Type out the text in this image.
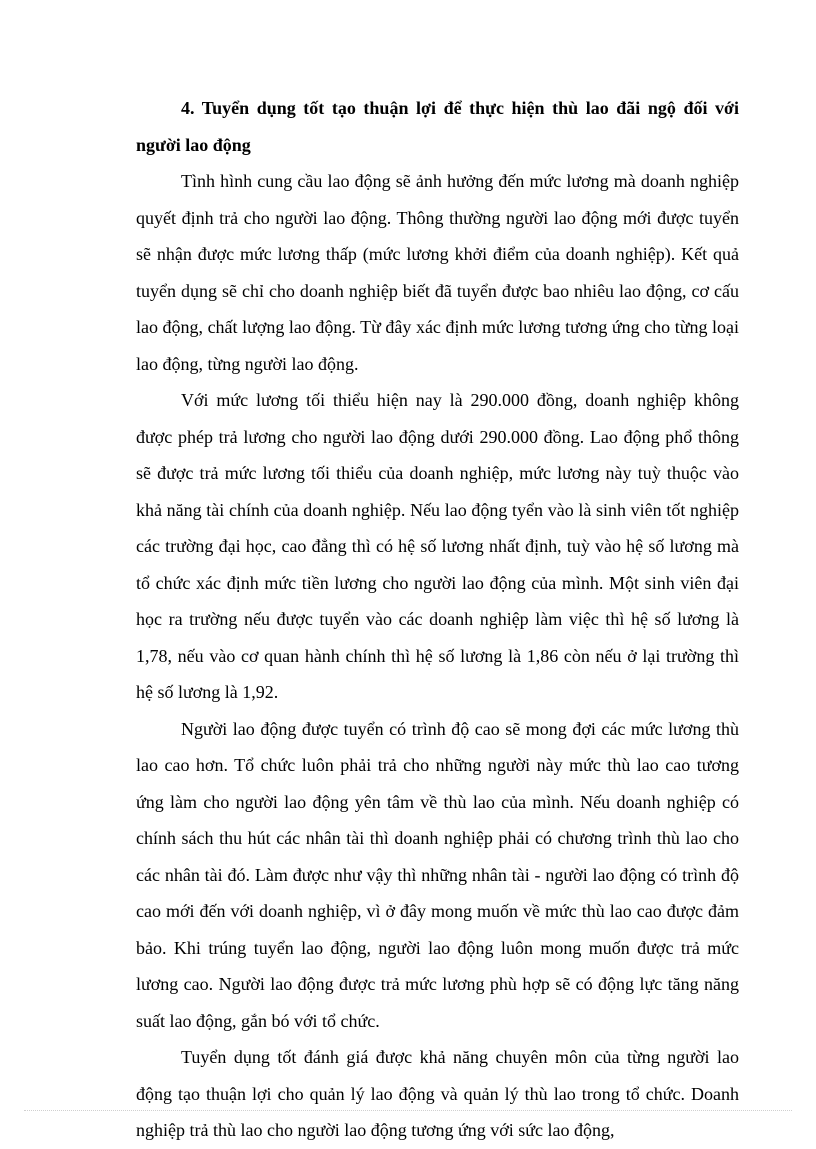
4. Tuyển dụng tốt tạo thuận lợi để thực hiện thù lao đãi ngộ đối với người lao động

Tình hình cung cầu lao động sẽ ảnh hưởng đến mức lương mà doanh nghiệp quyết định trả cho người lao động. Thông thường người lao động mới được tuyển sẽ nhận được mức lương thấp (mức lương khởi điểm của doanh nghiệp). Kết quả tuyển dụng sẽ chỉ cho doanh nghiệp biết đã tuyển được bao nhiêu lao động, cơ cấu lao động, chất lượng lao động. Từ đây xác định mức lương tương ứng cho từng loại lao động, từng người lao động.

Với mức lương tối thiểu hiện nay là 290.000 đồng, doanh nghiệp không được phép trả lương cho người lao động dưới 290.000 đồng. Lao động phổ thông sẽ được trả mức lương tối thiểu của doanh nghiệp, mức lương này tuỳ thuộc vào khả năng tài chính của doanh nghiệp. Nếu lao động tyển vào là sinh viên tốt nghiệp các trường đại học, cao đẳng thì có hệ số lương nhất định, tuỳ vào hệ số lương mà tổ chức xác định mức tiền lương cho người lao động của mình. Một sinh viên đại học ra trường nếu được tuyển vào các doanh nghiệp làm việc thì hệ số lương là 1,78, nếu vào cơ quan hành chính thì hệ số lương là 1,86 còn nếu ở lại trường thì hệ số lương là 1,92.

Người lao động được tuyển có trình độ cao sẽ mong đợi các mức lương thù lao cao hơn. Tổ chức luôn phải trả cho những người này mức thù lao cao tương ứng làm cho người lao động yên tâm về thù lao của mình. Nếu doanh nghiệp có chính sách thu hút các nhân tài thì doanh nghiệp phải có chương trình thù lao cho các nhân tài đó. Làm được như vậy thì những nhân tài - người lao động có trình độ cao mới đến với doanh nghiệp, vì ở đây mong muốn về mức thù lao cao được đảm bảo. Khi trúng tuyển lao động, người lao động luôn mong muốn được trả mức lương cao. Người lao động được trả mức lương phù hợp sẽ có động lực tăng năng suất lao động, gắn bó với tổ chức.

Tuyển dụng tốt đánh giá được khả năng chuyên môn của từng người lao động tạo thuận lợi cho quản lý lao động và quản lý thù lao trong tổ chức. Doanh nghiệp trả thù lao cho người lao động tương ứng với sức lao động,
